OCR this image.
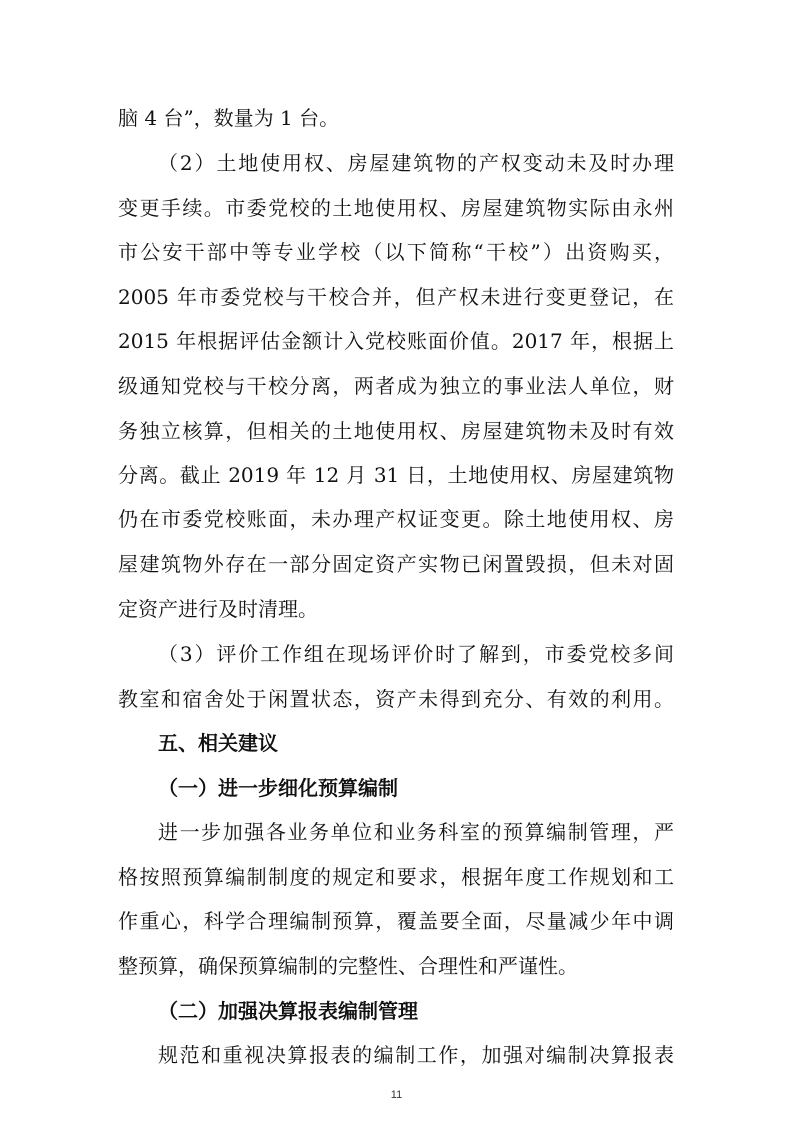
脑 4 台”，数量为 1 台。
（2）土地使用权、房屋建筑物的产权变动未及时办理
变更手续。市委党校的土地使用权、房屋建筑物实际由永州
市公安干部中等专业学校（以下简称“干校”）出资购买，
2005 年市委党校与干校合并，但产权未进行变更登记，在
2015 年根据评估金额计入党校账面价值。2017 年，根据上
级通知党校与干校分离，两者成为独立的事业法人单位，财
务独立核算，但相关的土地使用权、房屋建筑物未及时有效
分离。截止 2019 年 12 月 31 日，土地使用权、房屋建筑物
仍在市委党校账面，未办理产权证变更。除土地使用权、房
屋建筑物外存在一部分固定资产实物已闲置毁损，但未对固
定资产进行及时清理。
（3）评价工作组在现场评价时了解到，市委党校多间
教室和宿舍处于闲置状态，资产未得到充分、有效的利用。
五、相关建议
（一）进一步细化预算编制
进一步加强各业务单位和业务科室的预算编制管理，严
格按照预算编制制度的规定和要求，根据年度工作规划和工
作重心，科学合理编制预算，覆盖要全面，尽量减少年中调
整预算，确保预算编制的完整性、合理性和严谨性。
（二）加强决算报表编制管理
规范和重视决算报表的编制工作，加强对编制决算报表
11
